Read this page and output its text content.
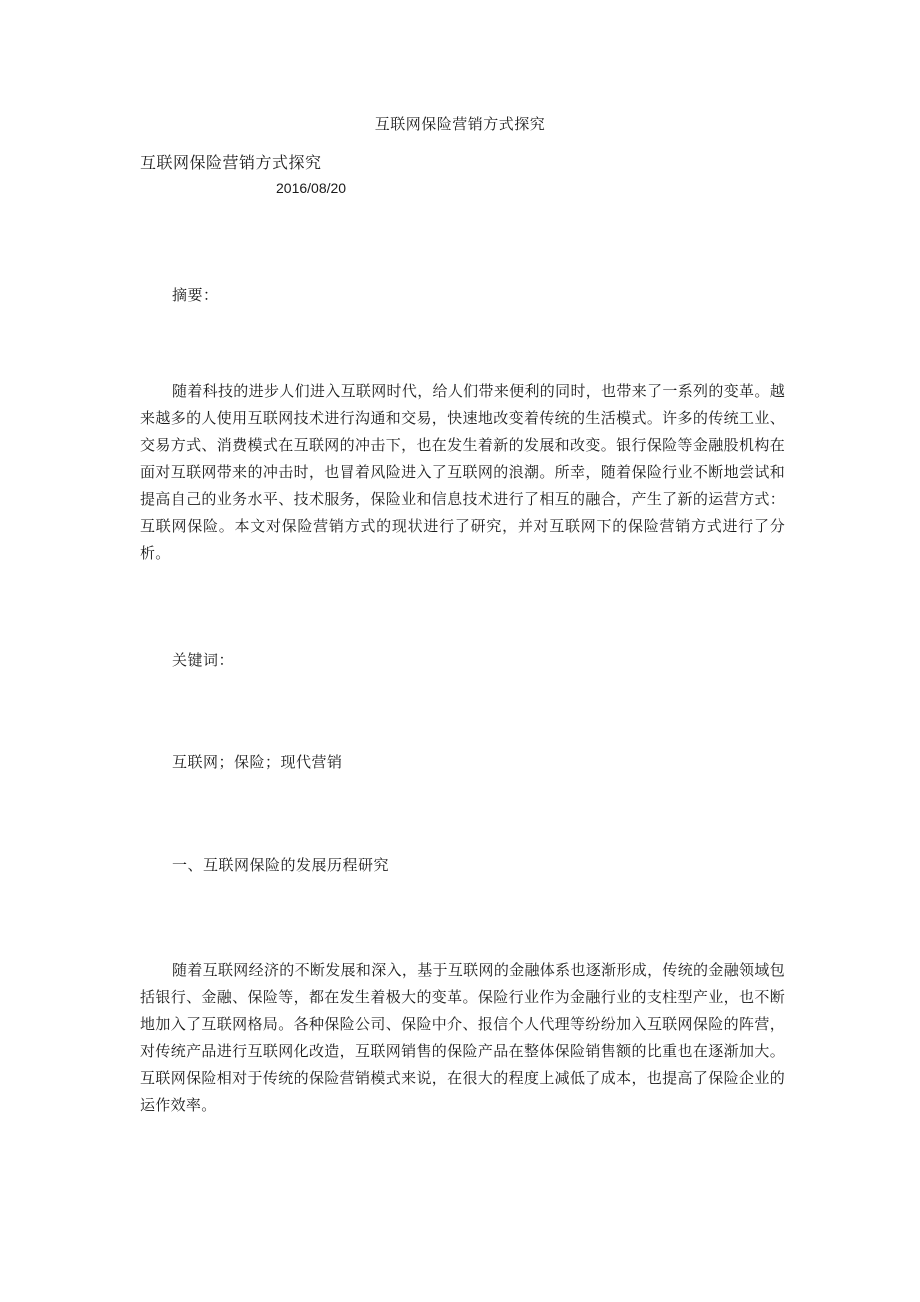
互联网保险营销方式探究
互联网保险营销方式探究
2016/08/20
摘要：

随着科技的进步人们进入互联网时代，给人们带来便利的同时，也带来了一系列的变革。越来越多的人使用互联网技术进行沟通和交易，快速地改变着传统的生活模式。许多的传统工业、交易方式、消费模式在互联网的冲击下，也在发生着新的发展和改变。银行保险等金融股机构在面对互联网带来的冲击时，也冒着风险进入了互联网的浪潮。所幸，随着保险行业不断地尝试和提高自己的业务水平、技术服务，保险业和信息技术进行了相互的融合，产生了新的运营方式：互联网保险。本文对保险营销方式的现状进行了研究，并对互联网下的保险营销方式进行了分析。

关键词：
互联网；保险；现代营销
一、互联网保险的发展历程研究

随着互联网经济的不断发展和深入，基于互联网的金融体系也逐渐形成，传统的金融领域包括银行、金融、保险等，都在发生着极大的变革。保险行业作为金融行业的支柱型产业，也不断地加入了互联网格局。各种保险公司、保险中介、报信个人代理等纷纷加入互联网保险的阵营，对传统产品进行互联网化改造，互联网销售的保险产品在整体保险销售额的比重也在逐渐加大。互联网保险相对于传统的保险营销模式来说，在很大的程度上减低了成本，也提高了保险企业的运作效率。
